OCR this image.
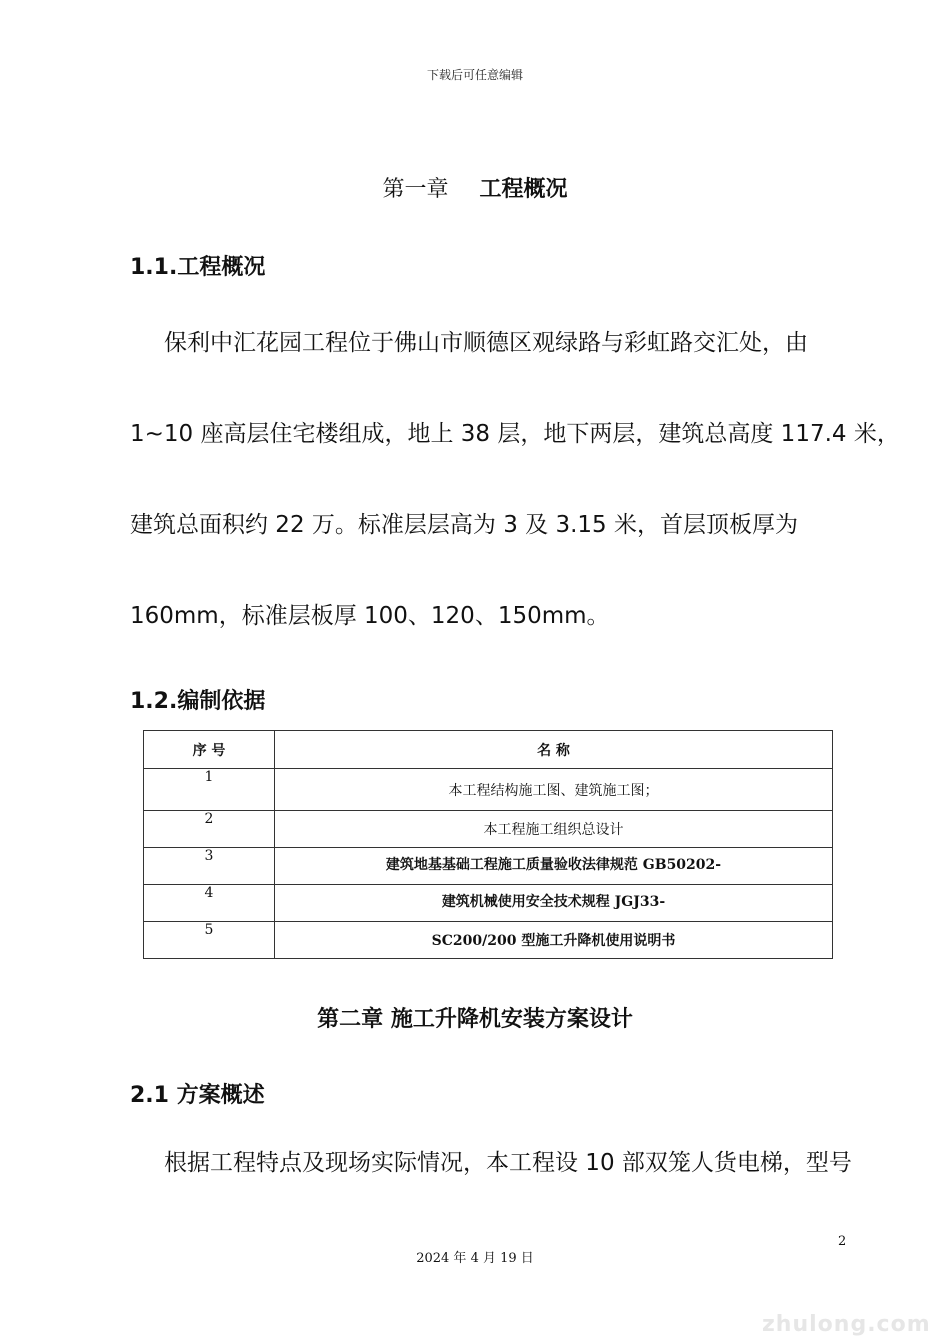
下载后可任意编辑
第一章 工程概况
1.1.工程概况
保利中汇花园工程位于佛山市顺德区观绿路与彩虹路交汇处，由
1~10 座高层住宅楼组成，地上 38 层，地下两层，建筑总高度 117.4 米，
建筑总面积约 22 万。标准层层高为 3 及 3.15 米，首层顶板厚为
160mm，标准层板厚 100、120、150mm。
1.2.编制依据
序 号	名 称
1	本工程结构施工图、建筑施工图；
2	本工程施工组织总设计
3	建筑地基基础工程施工质量验收法律规范 GB50202-
4	建筑机械使用安全技术规程 JGJ33-
5	SC200/200 型施工升降机使用说明书
第二章 施工升降机安装方案设计
2.1 方案概述
根据工程特点及现场实际情况，本工程设 10 部双笼人货电梯，型号
2
2024 年 4 月 19 日
zhulong.com
